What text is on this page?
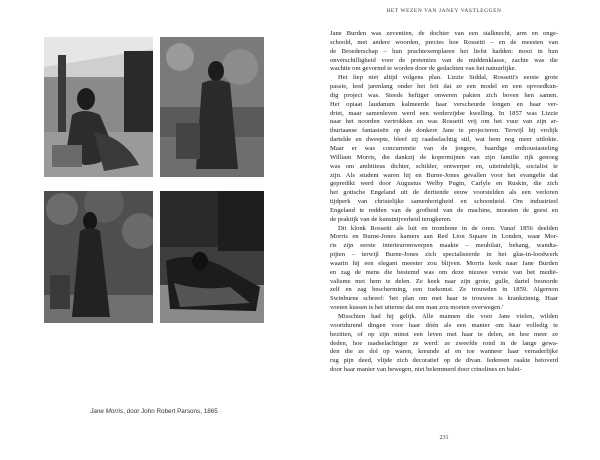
Jane Morris, door John Robert Parsons, 1865
HET WEZEN VAN JANEY VASTLEGGEN
Jane Burden was zeventien, de dochter van een stalknecht, arm en onge-
schoold, met andere woorden, precies hoe Rossetti – en de meesten van
de Broederschap – hun prachtexemplaren het liefst hadden: mooi in hun
onverschilligheid voor de pretenties van de middenklasse, zachte was die
wachtte om gevormd te worden door de gedachten van het natuurlijke.
Het liep niet altijd volgens plan. Lizzie Siddal, Rossetti's eerste grote
passie, leed jarenlang onder het feit dat ze een model en een opvoedkun-
dig project was. Steeds heftiger onweren pakten zich boven hen samen.
Het opiaat laudanum kalmeerde haar verscheurde longen en haar ver-
driet, maar samenleven werd een wederzijdse kwelling. In 1857 was Lizzie
naar het noorden vertrokken en was Rossetti vrij om het vuur van zijn ar-
thuriaanse fantasieën op de donkere Jane te projecteren. Terwijl hij vrolijk
dartelde en dweepte, bleef zij raadselachtig stil, wat hem nog meer uitlokte.
Maar er was concurrentie van de jongere, baardige enthousiasteling
William Morris, die dankzij de kopermijnen van zijn familie rijk genoeg
was om ambitieus dichter, schilder, ontwerper en, uiteindelijk, socialist te
zijn. Als student waren hij en Burne-Jones gevallen voor het evangelie dat
gepredikt werd door Augustus Welby Pugin, Carlyle en Ruskin, die zich
het gotische Engeland uit de dertiende eeuw voorstelden als een verloren
tijdperk van christelijke samenhorigheid en schoonheid. Om industrieel
Engeland te redden van de grofheid van de machine, moesten de geest en
de praktijk van de kunstnijverheid terugkeren.
Dit klonk Rossetti als luit en trombone in de oren. Vanaf 1856 deelden
Morris en Burne-Jones kamers aan Red Lion Square in Londen, waar Mor-
ris zijn eerste interieurontwerpen maakte – meubilair, behang, wandta-
pijten – terwijl Burne-Jones zich specialiseerde in het glas-in-loodwerk
waarin hij een elegant meester zou blijven. Morris keek naar Jane Burden
en zag de mens die bestemd was om deze nieuwe versie van het mediё-
valisme met hem te delen. Ze keek naar zijn grote, gulle, dartel besnorde
zelf en zag bescherming, een toekomst. Ze trouwden in 1859. Algernon
Swinburne schreef: 'het plan om met haar te trouwen is krankzinnig. Haar
voeten kussen is het uiterste dat een man zou moeten overwegen.'
Misschien had hij gelijk. Alle mannen die voor Jane vielen, wilden
voortdurend dingen voor haar dóén als een manier om haar volledig te
bezitten, of op zijn minst een leven met haar te delen, en hoe meer ze
deden, hoe raadselachtiger ze werd: ze zweefde rond in de lange gewa-
den die ze dol op waren, kreunde af en toe wanneer haar verraderlijke
rug pijn deed, vlijde zich decoratief op de divan. Iedereen raakte betoverd
door haar manier van bewegen, niet belemmerd door crinolines en balei-
231
